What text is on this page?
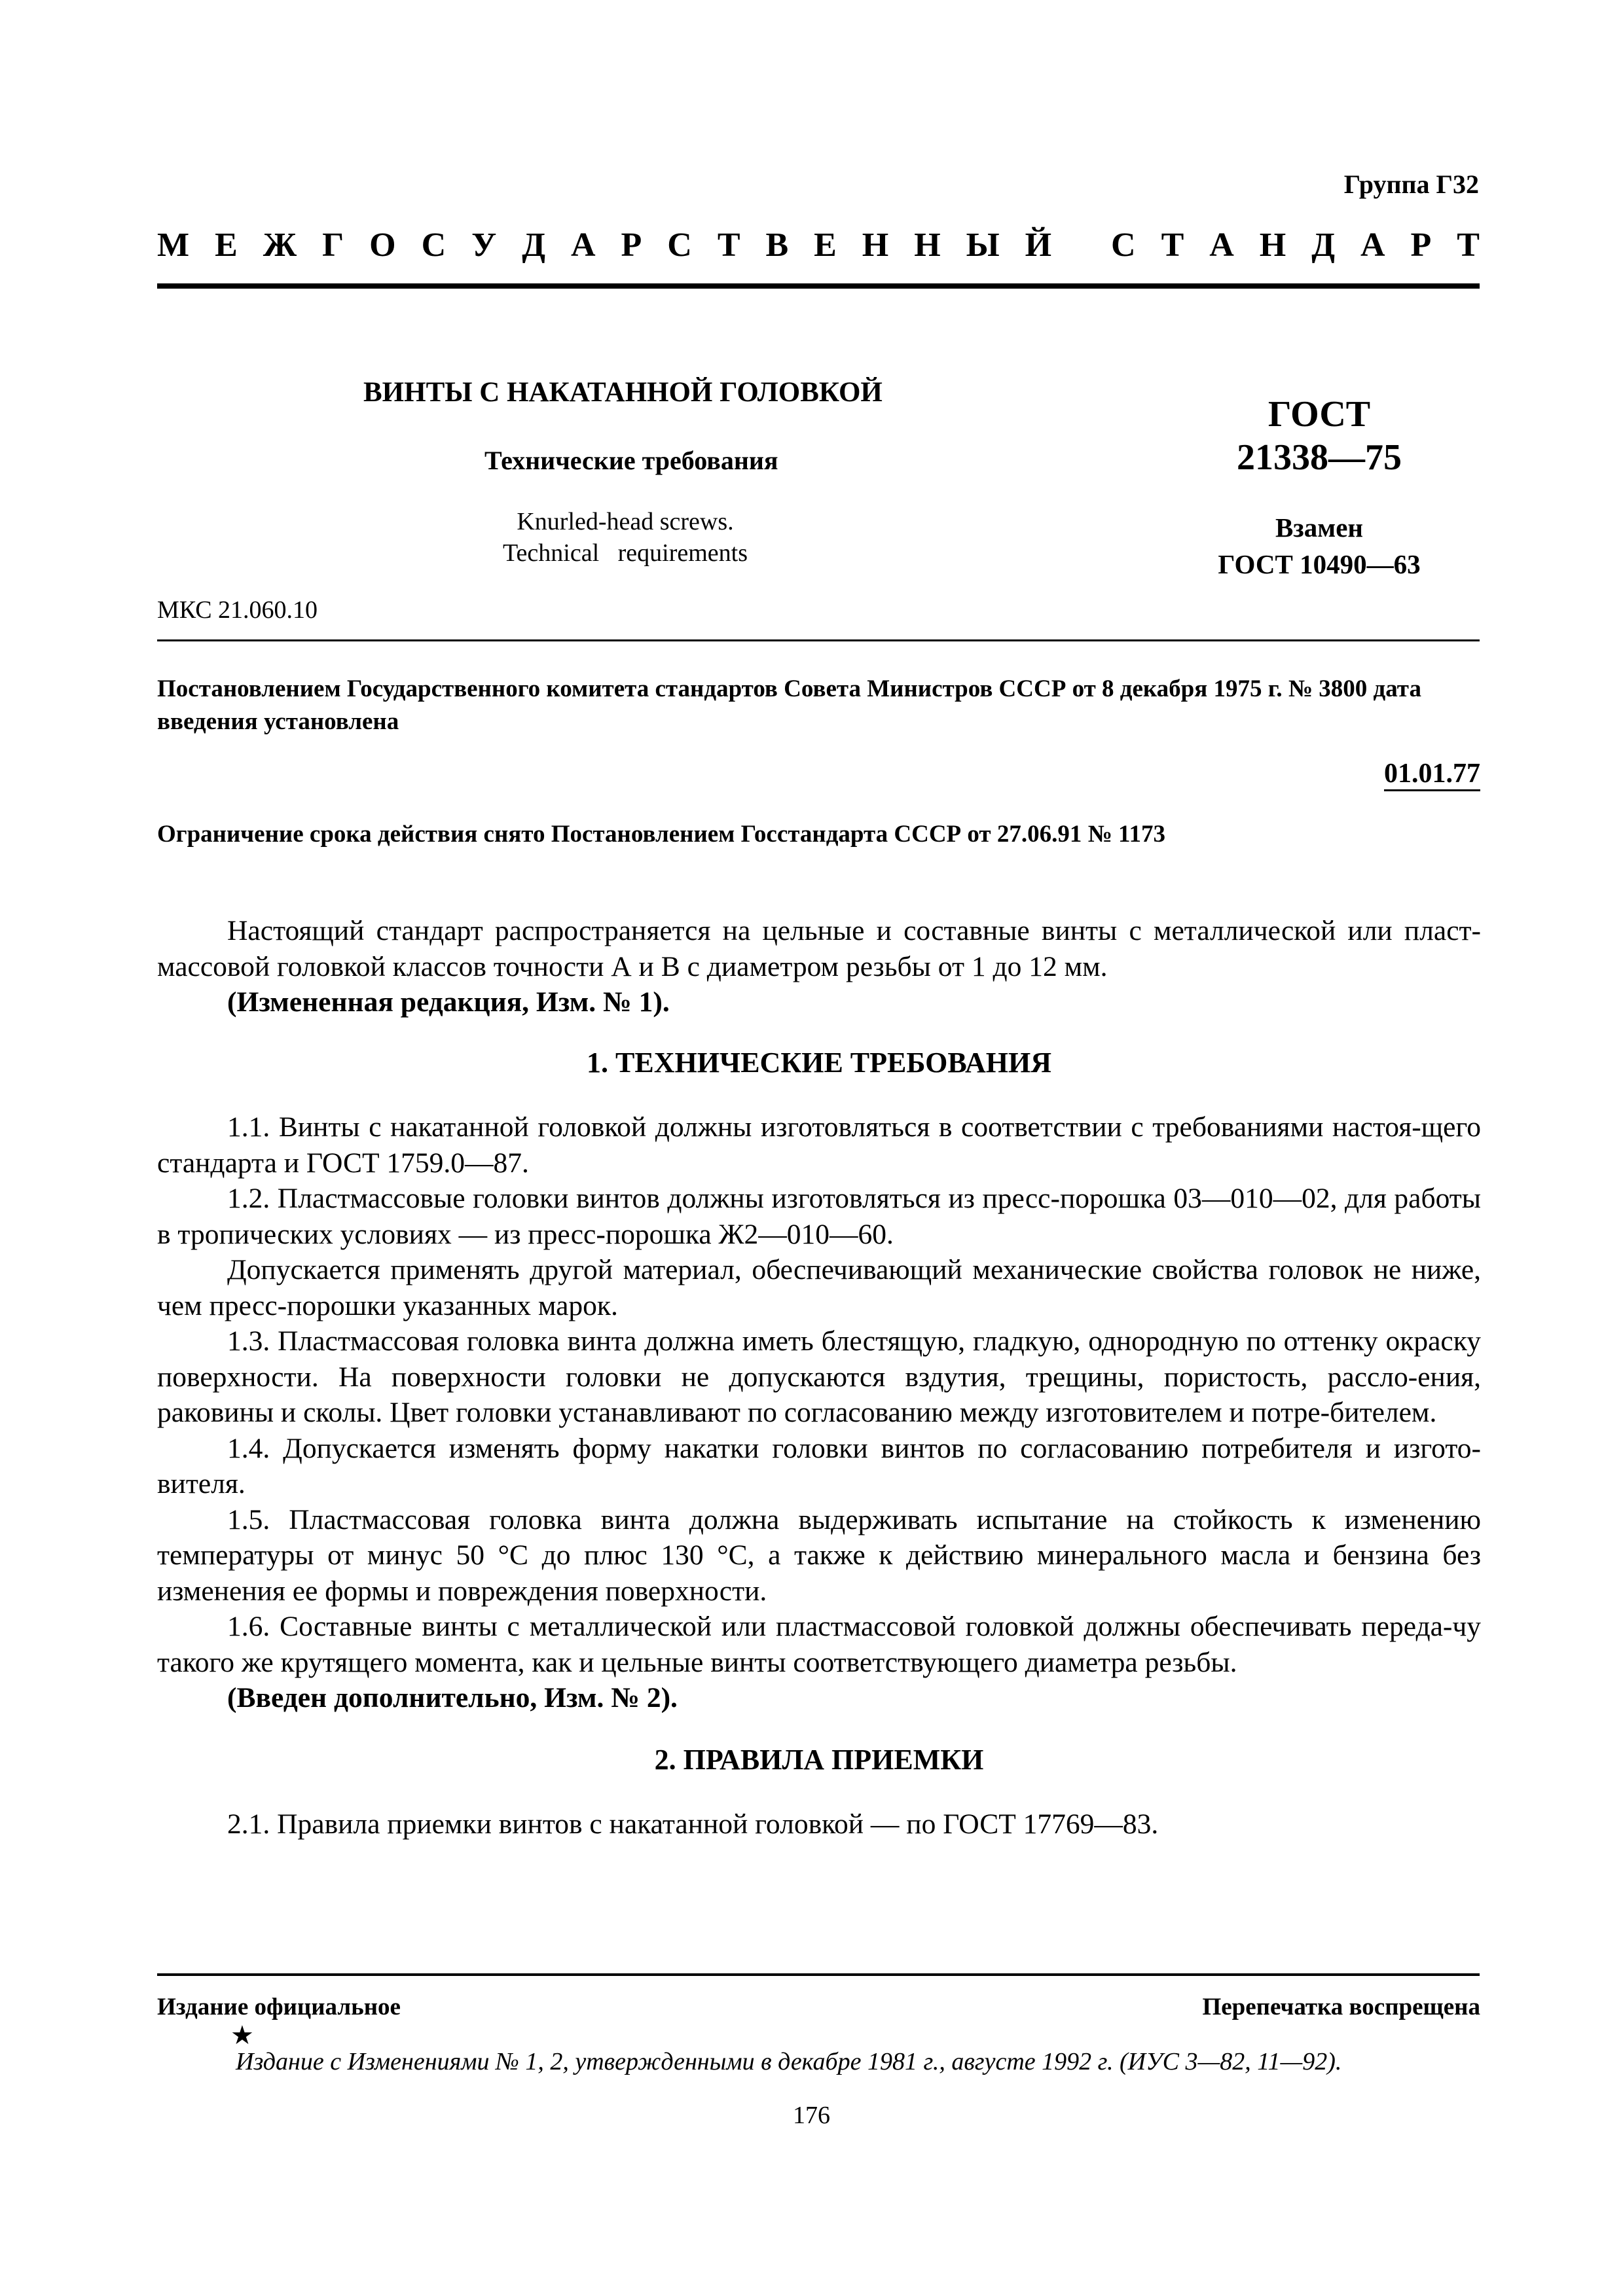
Группа Г32
М Е Ж Г О С У Д А Р С Т В Е Н Н Ы Й
С Т А Н Д А Р Т
ВИНТЫ С НАКАТАННОЙ ГОЛОВКОЙ
Технические требования
Knurled-head screws.
Technical   requirements
ГОСТ
21338—75
Взамен
ГОСТ 10490—63
МКС 21.060.10
Постановлением Государственного комитета стандартов Совета Министров СССР от 8 декабря 1975 г. № 3800 дата введения установлена
01.01.77
Ограничение срока действия снято Постановлением Госстандарта СССР от 27.06.91 № 1173

Настоящий стандарт распространяется на цельные и составные винты с металлической или пласт-массовой головкой классов точности А и В с диаметром резьбы от 1 до 12 мм.

(Измененная редакция, Изм. № 1).

1. ТЕХНИЧЕСКИЕ ТРЕБОВАНИЯ

1.1. Винты с накатанной головкой должны изготовляться в соответствии с требованиями настоя-щего стандарта и ГОСТ 1759.0—87.

1.2. Пластмассовые головки винтов должны изготовляться из пресс-порошка 03—010—02, для работы в тропических условиях — из пресс-порошка Ж2—010—60.

Допускается применять другой материал, обеспечивающий механические свойства головок не ниже, чем пресс-порошки указанных марок.

1.3. Пластмассовая головка винта должна иметь блестящую, гладкую, однородную по оттенку окраску поверхности. На поверхности головки не допускаются вздутия, трещины, пористость, рассло-ения, раковины и сколы. Цвет головки устанавливают по согласованию между изготовителем и потре-бителем.

1.4. Допускается изменять форму накатки головки винтов по согласованию потребителя и изгото-вителя.

1.5. Пластмассовая головка винта должна выдерживать испытание на стойкость к изменению температуры от минус 50 °С до плюс 130 °С, а также к действию минерального масла и бензина без изменения ее формы и повреждения поверхности.

1.6. Составные винты с металлической или пластмассовой головкой должны обеспечивать переда-чу такого же крутящего момента, как и цельные винты соответствующего диаметра резьбы.

(Введен дополнительно, Изм. № 2).

2. ПРАВИЛА ПРИЕМКИ

2.1. Правила приемки винтов с накатанной головкой — по ГОСТ 17769—83.

Издание официальное	Перепечатка воспрещена
★
Издание с Изменениями № 1, 2, утвержденными в декабре 1981 г., августе 1992 г. (ИУС 3—82, 11—92).
176
